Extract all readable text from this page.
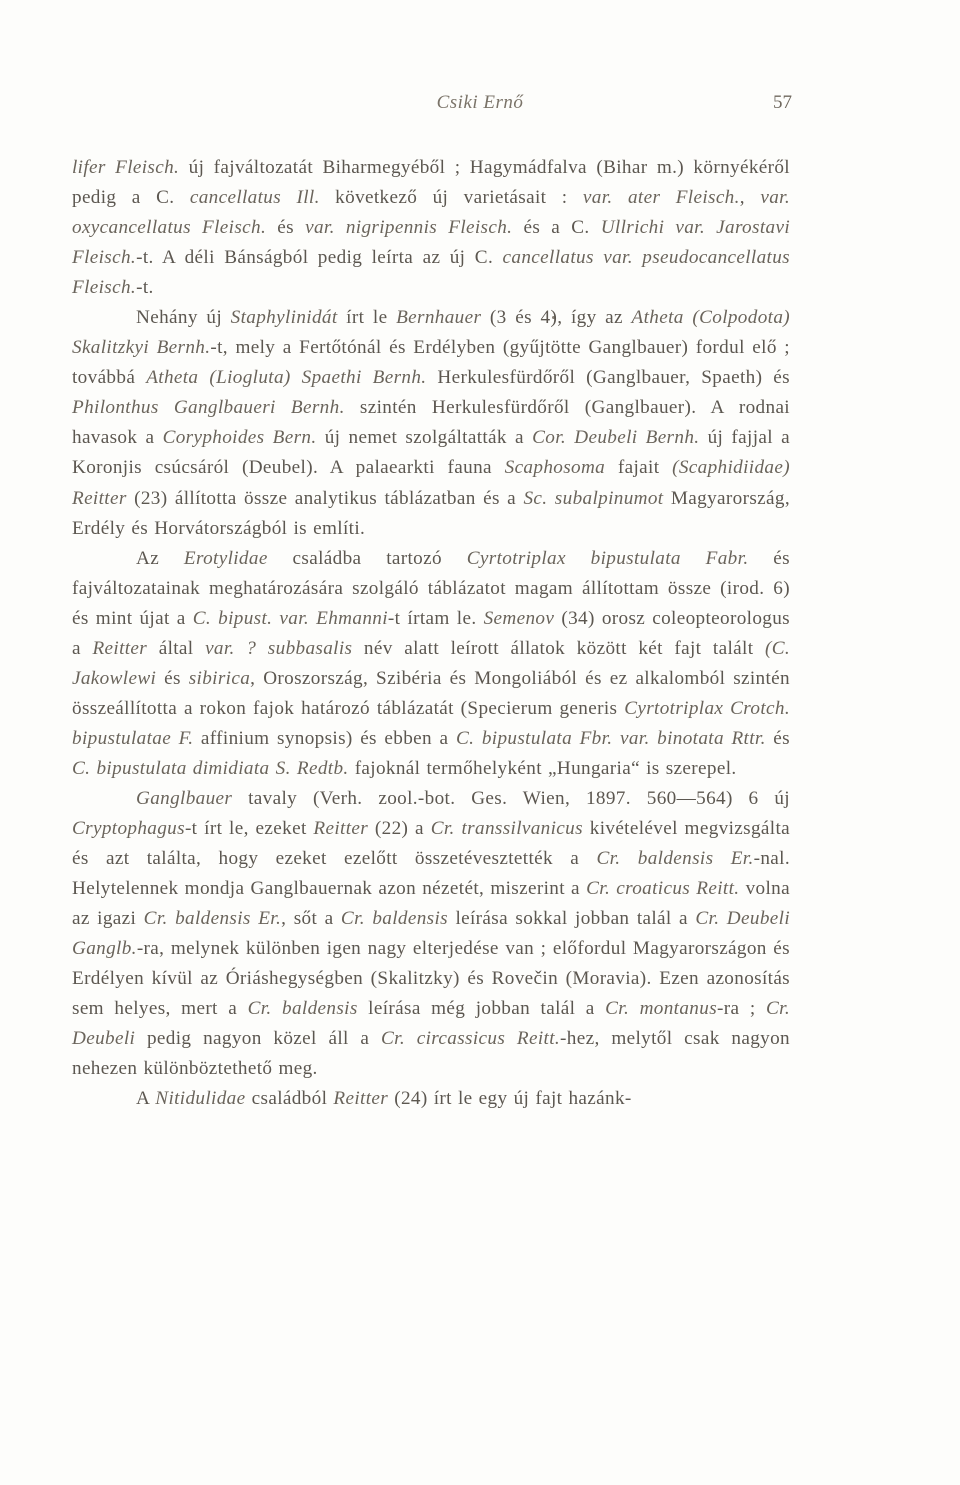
Csiki Ernő	57

lifer Fleisch. új fajváltozatát Biharmegyéből ; Hagymádfalva (Bihar m.) környékéről pedig a C. cancellatus Ill. következő új varietásait : var. ater Fleisch., var. oxycancellatus Fleisch. és var. nigripennis Fleisch. és a C. Ullrichi var. Jarostavi Fleisch.-t. A déli Bánságból pedig leírta az új C. cancellatus var. pseudocancellatus Fleisch.-t.

Nehány új Staphylinidát írt le Bernhauer (3 és 4), így az Atheta (Colpodota) Skalitzkyi Bernh.-t, mely a Fertőtónál és Erdélyben (gyűjtötte Ganglbauer) fordul elő ; továbbá Atheta (Liogluta) Spaethi Bernh. Herkulesfürdőről (Ganglbauer, Spaeth) és Philonthus Ganglbaueri Bernh. szintén Herkulesfürdőről (Ganglbauer). A rodnai havasok a Coryphoides Bern. új nemet szolgáltatták a Cor. Deubeli Bernh. új fajjal a Koronjis csúcsáról (Deubel). A palaearkti fauna Scaphosoma fajait (Scaphidiidae) Reitter (23) állította össze analytikus táblázatban és a Sc. subalpinumot Magyarország, Erdély és Horvátországból is említi.

Az Erotylidae családba tartozó Cyrtotriplax bipustulata Fabr. és fajváltozatainak meghatározására szolgáló táblázatot magam állítottam össze (irod. 6) és mint újat a C. bipust. var. Ehmanni-t írtam le. Semenov (34) orosz coleopteorologus a Reitter által var. ? subbasalis név alatt leírott állatok között két fajt talált (C. Jakowlewi és sibirica, Oroszország, Szibéria és Mongoliából és ez alkalomból szintén összeállította a rokon fajok határozó táblázatát (Specierum generis Cyrtotriplax Crotch. bipustulatae F. affinium synopsis) és ebben a C. bipustulata Fbr. var. binotata Rttr. és C. bipustulata dimidiata S. Redtb. fajoknál termőhelyként „Hungaria“ is szerepel.

Ganglbauer tavaly (Verh. zool.-bot. Ges. Wien, 1897. 560—564) 6 új Cryptophagus-t írt le, ezeket Reitter (22) a Cr. transsilvanicus kivételével megvizsgálta és azt találta, hogy ezeket ezelőtt összetévesztették a Cr. baldensis Er.-nal. Helytelennek mondja Ganglbauernak azon nézetét, miszerint a Cr. croaticus Reitt. volna az igazi Cr. baldensis Er., sőt a Cr. baldensis leírása sokkal jobban talál a Cr. Deubeli Ganglb.-ra, melynek különben igen nagy elterjedése van ; előfordul Magyarországon és Erdélyen kívül az Óriáshegységben (Skalitzky) és Rovečin (Moravia). Ezen azonosítás sem helyes, mert a Cr. baldensis leírása még jobban talál a Cr. montanus-ra ; Cr. Deubeli pedig nagyon közel áll a Cr. circassicus Reitt.-hez, melytől csak nagyon nehezen különböztethető meg.

A Nitidulidae családból Reitter (24) írt le egy új fajt hazánk-
